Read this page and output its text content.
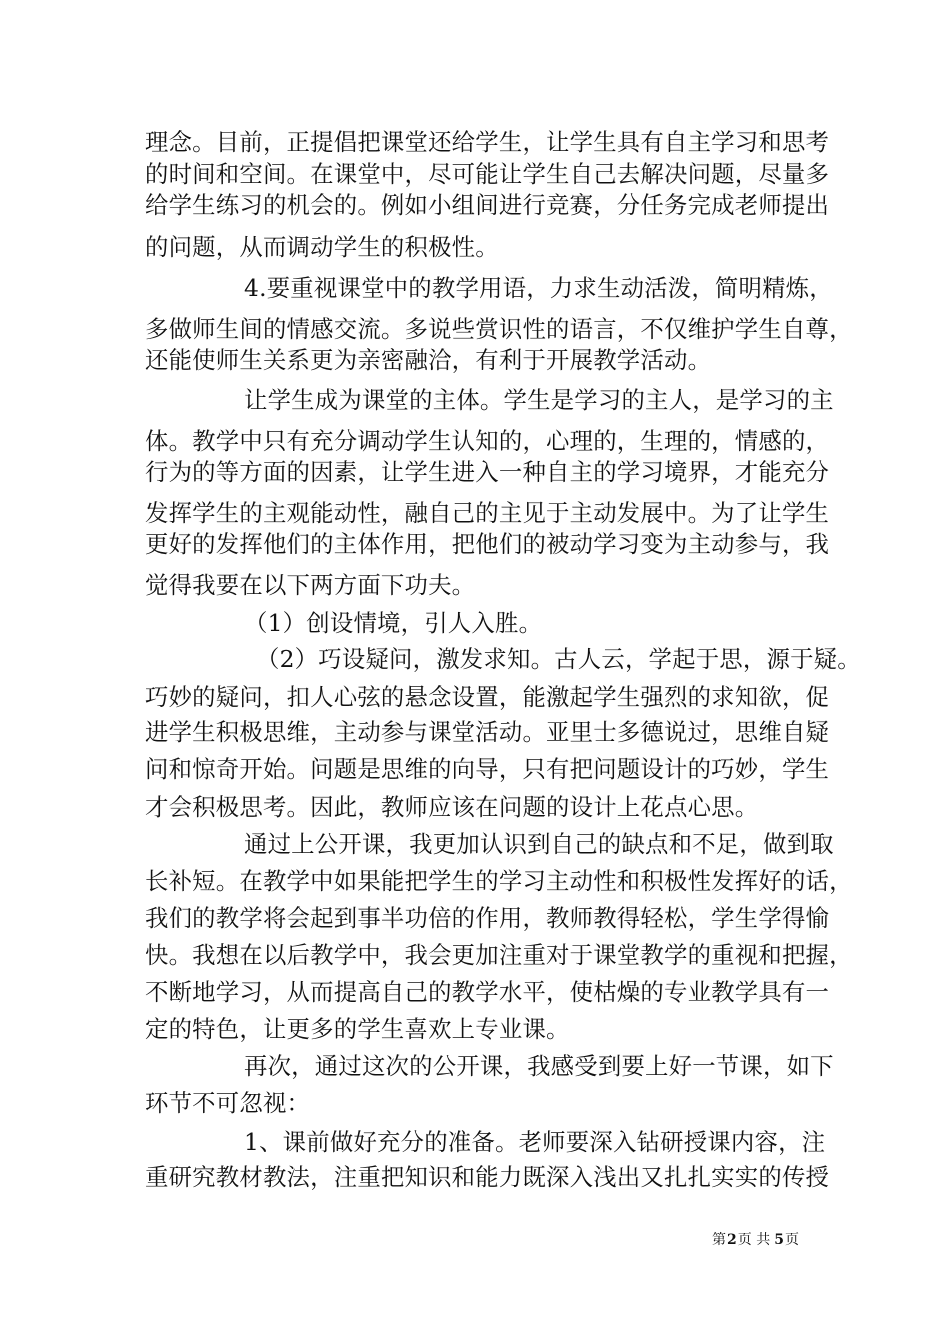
理念。目前，正提倡把课堂还给学生，让学生具有自主学习和思考
的时间和空间。在课堂中，尽可能让学生自己去解决问题，尽量多
给学生练习的机会的。例如小组间进行竞赛，分任务完成老师提出
的问题，从而调动学生的积极性。
4.要重视课堂中的教学用语，力求生动活泼，简明精炼，
多做师生间的情感交流。多说些赏识性的语言，不仅维护学生自尊，
还能使师生关系更为亲密融洽，有利于开展教学活动。
让学生成为课堂的主体。学生是学习的主人，是学习的主
体。教学中只有充分调动学生认知的，心理的，生理的，情感的，
行为的等方面的因素，让学生进入一种自主的学习境界，才能充分
发挥学生的主观能动性，融自己的主见于主动发展中。为了让学生
更好的发挥他们的主体作用，把他们的被动学习变为主动参与，我
觉得我要在以下两方面下功夫。
（1）创设情境，引人入胜。
（2）巧设疑问，激发求知。古人云，学起于思，源于疑。
巧妙的疑问，扣人心弦的悬念设置，能激起学生强烈的求知欲，促
进学生积极思维，主动参与课堂活动。亚里士多德说过，思维自疑
问和惊奇开始。问题是思维的向导，只有把问题设计的巧妙，学生
才会积极思考。因此，教师应该在问题的设计上花点心思。
通过上公开课，我更加认识到自己的缺点和不足，做到取
长补短。在教学中如果能把学生的学习主动性和积极性发挥好的话，
我们的教学将会起到事半功倍的作用，教师教得轻松，学生学得愉
快。我想在以后教学中，我会更加注重对于课堂教学的重视和把握，
不断地学习，从而提高自己的教学水平，使枯燥的专业教学具有一
定的特色，让更多的学生喜欢上专业课。
再次，通过这次的公开课，我感受到要上好一节课，如下
环节不可忽视：
1、课前做好充分的准备。老师要深入钻研授课内容，注
重研究教材教法，注重把知识和能力既深入浅出又扎扎实实的传授
第2页 共 5页
